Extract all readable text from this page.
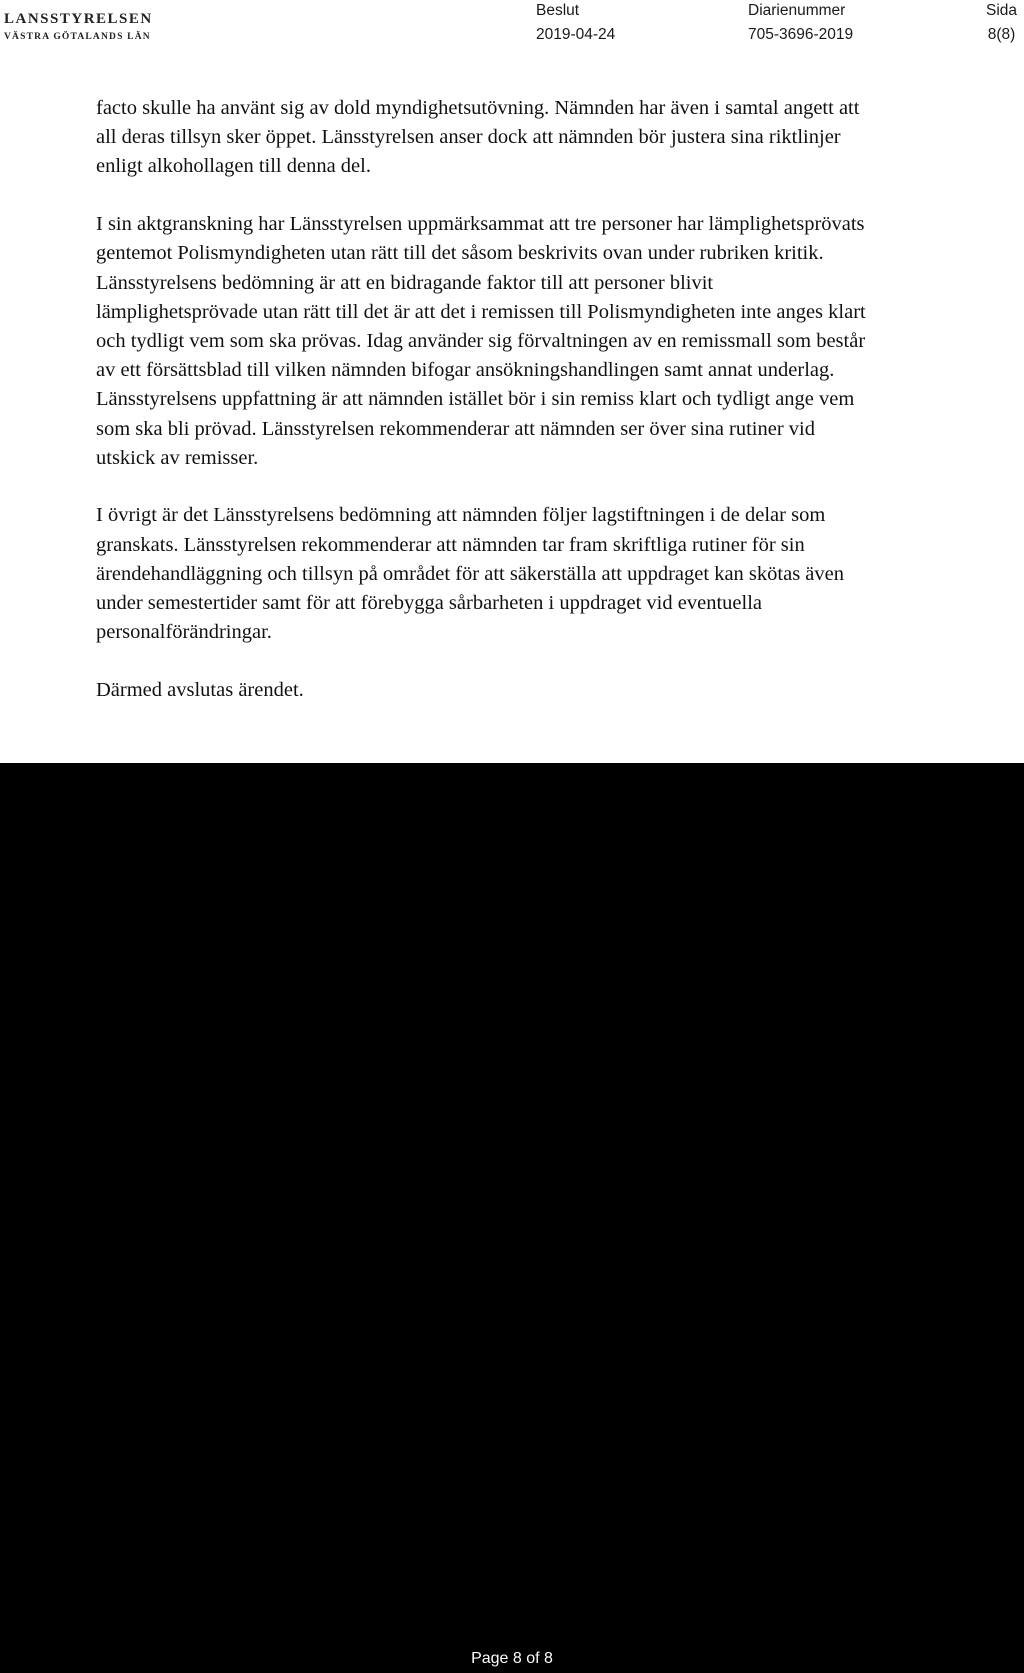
LANSSTYRELSEN
VÄSTRA GÖTALANDS LÄN
Beslut
2019-04-24
Diarienummer
705-3696-2019
Sida
8(8)

facto skulle ha använt sig av dold myndighetsutövning. Nämnden har även i samtal angett att all deras tillsyn sker öppet. Länsstyrelsen anser dock att nämnden bör justera sina riktlinjer enligt alkohollagen till denna del.

I sin aktgranskning har Länsstyrelsen uppmärksammat att tre personer har lämplighetsprövats gentemot Polismyndigheten utan rätt till det såsom beskrivits ovan under rubriken kritik. Länsstyrelsens bedömning är att en bidragande faktor till att personer blivit lämplighetsprövade utan rätt till det är att det i remissen till Polismyndigheten inte anges klart och tydligt vem som ska prövas. Idag använder sig förvaltningen av en remissmall som består av ett försättsblad till vilken nämnden bifogar ansökningshandlingen samt annat underlag. Länsstyrelsens uppfattning är att nämnden istället bör i sin remiss klart och tydligt ange vem som ska bli prövad. Länsstyrelsen rekommenderar att nämnden ser över sina rutiner vid utskick av remisser.

I övrigt är det Länsstyrelsens bedömning att nämnden följer lagstiftningen i de delar som granskats. Länsstyrelsen rekommenderar att nämnden tar fram skriftliga rutiner för sin ärendehandläggning och tillsyn på området för att säkerställa att uppdraget kan skötas även under semestertider samt för att förebygga sårbarheten i uppdraget vid eventuella personalförändringar.

Därmed avslutas ärendet.

Page 8 of 8
